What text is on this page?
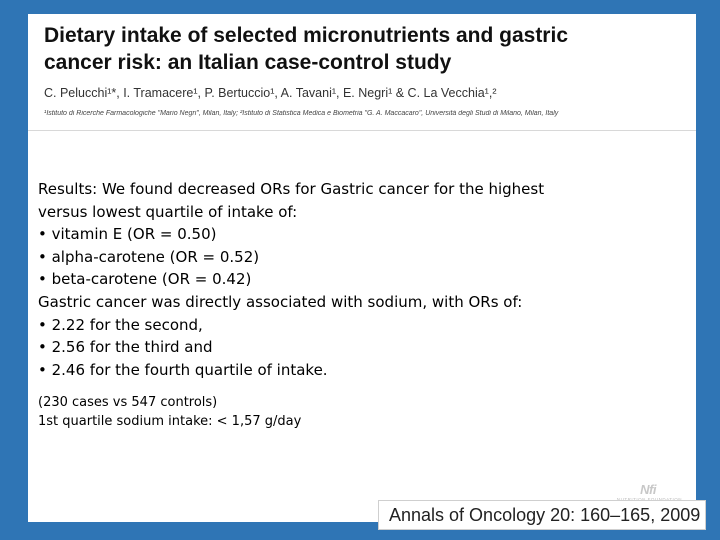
Dietary intake of selected micronutrients and gastric
cancer risk: an Italian case-control study
C. Pelucchi¹*, I. Tramacere¹, P. Bertuccio¹, A. Tavani¹, E. Negri¹ & C. La Vecchia¹,²
¹Istituto di Ricerche Farmacologiche "Mario Negri", Milan, Italy; ²Istituto di Statistica Medica e Biometria "G. A. Maccacaro", Università degli Studi di Milano, Milan, Italy
Results: We found decreased ORs for Gastric cancer for the highest
versus lowest quartile of intake of:
• vitamin E (OR = 0.50)
• alpha-carotene (OR = 0.52)
• beta-carotene (OR = 0.42)
Gastric cancer was directly associated with sodium, with ORs of:
• 2.22 for the second,
• 2.56 for the third and
• 2.46 for the fourth quartile of intake.
(230 cases vs 547 controls)
1st quartile sodium intake: < 1,57 g/day
Nfi
Annals of Oncology 20: 160–165, 2009
